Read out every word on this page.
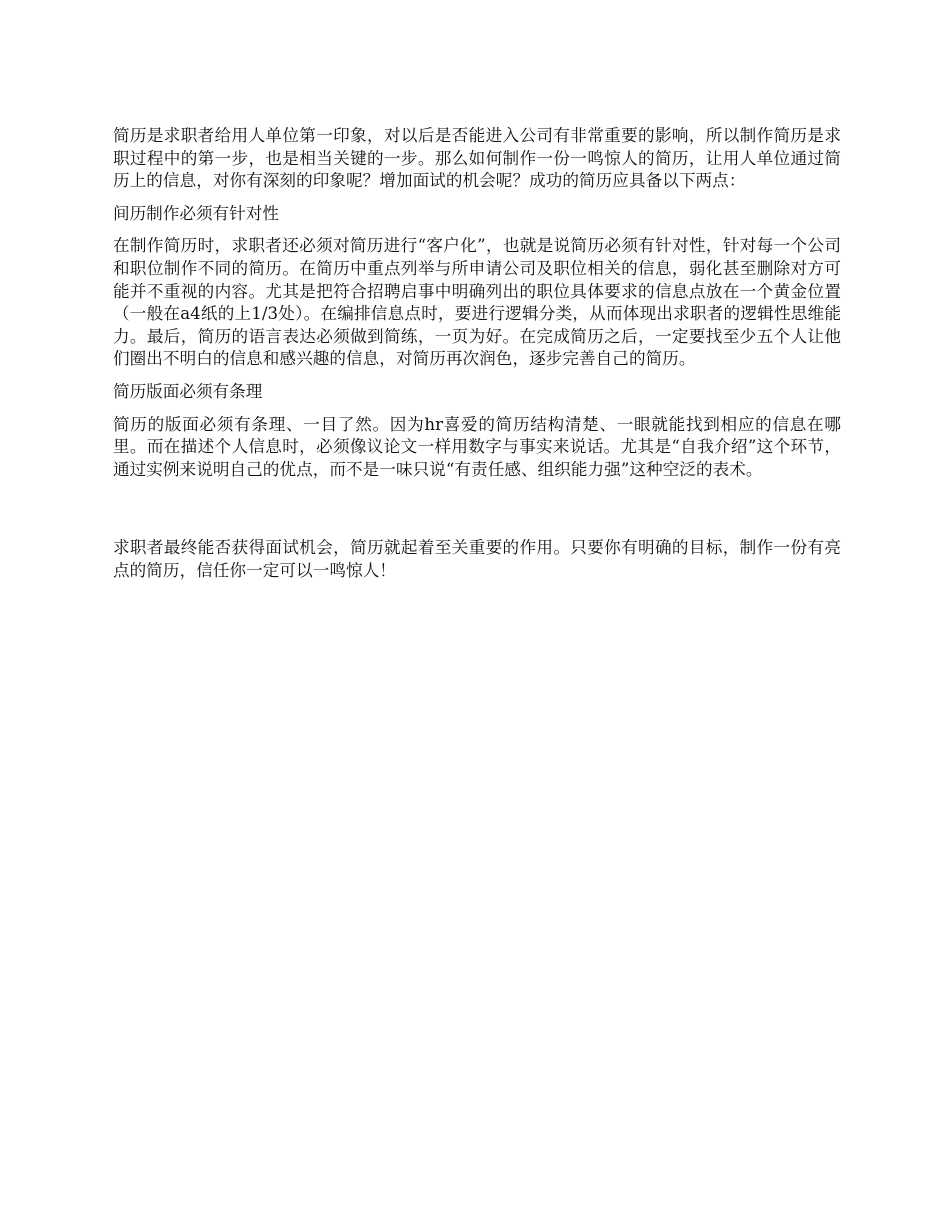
简历是求职者给用人单位第一印象，对以后是否能进入公司有非常重要的影响，所以制作简历是求职过程中的第一步，也是相当关键的一步。那么如何制作一份一鸣惊人的简历，让用人单位通过简历上的信息，对你有深刻的印象呢？增加面试的机会呢？成功的简历应具备以下两点：

间历制作必须有针对性

在制作简历时，求职者还必须对简历进行“客户化”，也就是说简历必须有针对性，针对每一个公司和职位制作不同的简历。在简历中重点列举与所申请公司及职位相关的信息，弱化甚至删除对方可能并不重视的内容。尤其是把符合招聘启事中明确列出的职位具体要求的信息点放在一个黄金位置（一般在a4纸的上1/3处）。在编排信息点时，要进行逻辑分类，从而体现出求职者的逻辑性思维能力。最后，简历的语言表达必须做到简练，一页为好。在完成简历之后，一定要找至少五个人让他们圈出不明白的信息和感兴趣的信息，对简历再次润色，逐步完善自己的简历。

简历版面必须有条理

简历的版面必须有条理、一目了然。因为hr喜爱的简历结构清楚、一眼就能找到相应的信息在哪里。而在描述个人信息时，必须像议论文一样用数字与事实来说话。尤其是“自我介绍”这个环节，通过实例来说明自己的优点，而不是一味只说“有责任感、组织能力强”这种空泛的表术。

求职者最终能否获得面试机会，简历就起着至关重要的作用。只要你有明确的目标，制作一份有亮点的简历，信任你一定可以一鸣惊人！
